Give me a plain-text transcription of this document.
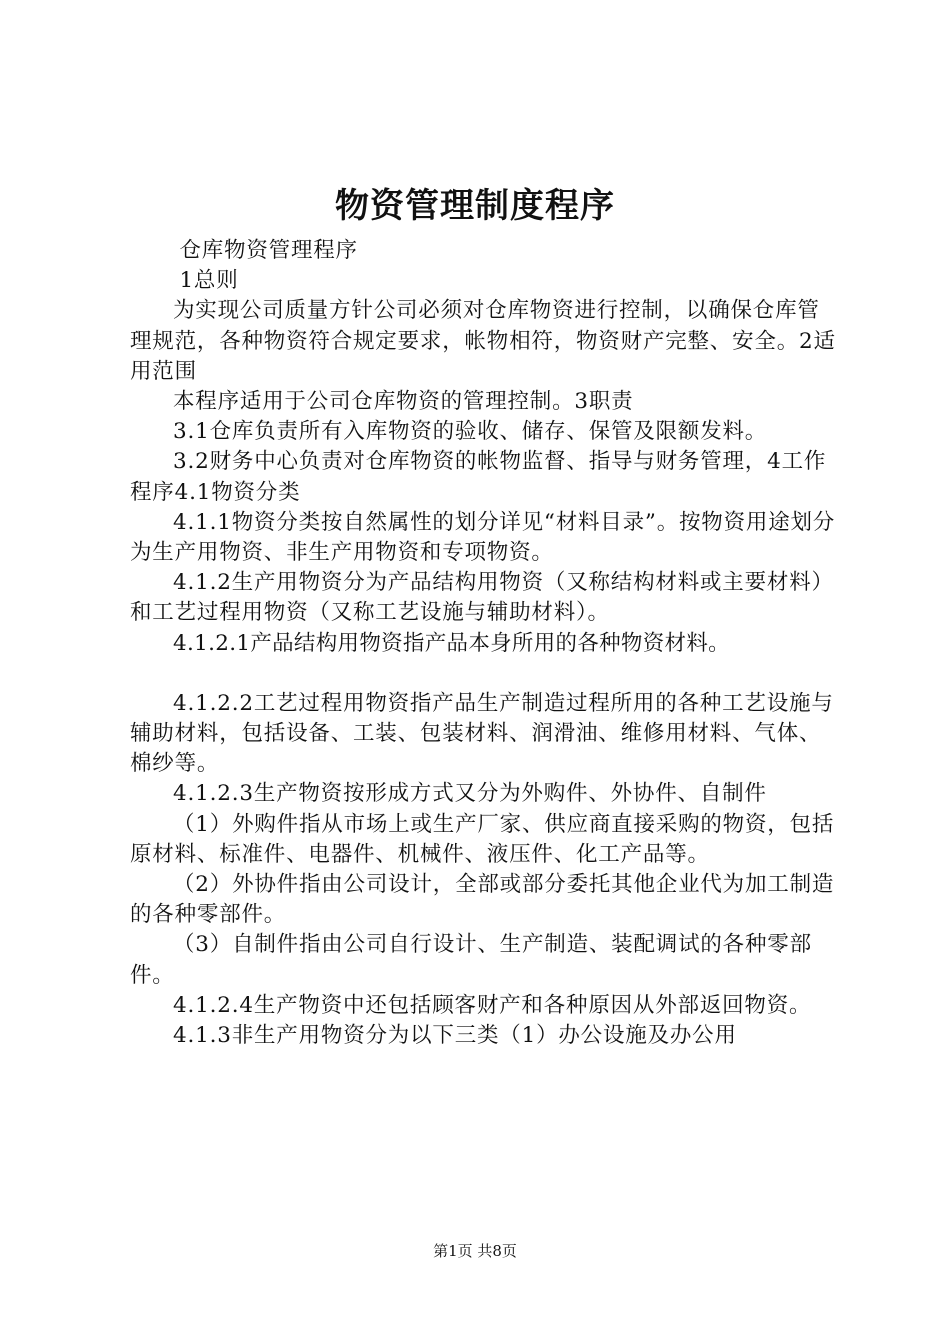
物资管理制度程序

仓库物资管理程序

1总则

为实现公司质量方针公司必须对仓库物资进行控制，以确保仓库管理规范，各种物资符合规定要求，帐物相符，物资财产完整、安全。2适用范围

本程序适用于公司仓库物资的管理控制。3职责

3.1仓库负责所有入库物资的验收、储存、保管及限额发料。

3.2财务中心负责对仓库物资的帐物监督、指导与财务管理，4工作程序4.1物资分类

4.1.1物资分类按自然属性的划分详见“材料目录”。按物资用途划分为生产用物资、非生产用物资和专项物资。

4.1.2生产用物资分为产品结构用物资（又称结构材料或主要材料）和工艺过程用物资（又称工艺设施与辅助材料）。

4.1.2.1产品结构用物资指产品本身所用的各种物资材料。

4.1.2.2工艺过程用物资指产品生产制造过程所用的各种工艺设施与辅助材料，包括设备、工装、包装材料、润滑油、维修用材料、气体、棉纱等。

4.1.2.3生产物资按形成方式又分为外购件、外协件、自制件

（1）外购件指从市场上或生产厂家、供应商直接采购的物资，包括原材料、标准件、电器件、机械件、液压件、化工产品等。

（2）外协件指由公司设计，全部或部分委托其他企业代为加工制造的各种零部件。

（3）自制件指由公司自行设计、生产制造、装配调试的各种零部件。

4.1.2.4生产物资中还包括顾客财产和各种原因从外部返回物资。

4.1.3非生产用物资分为以下三类（1）办公设施及办公用

第1页 共8页
